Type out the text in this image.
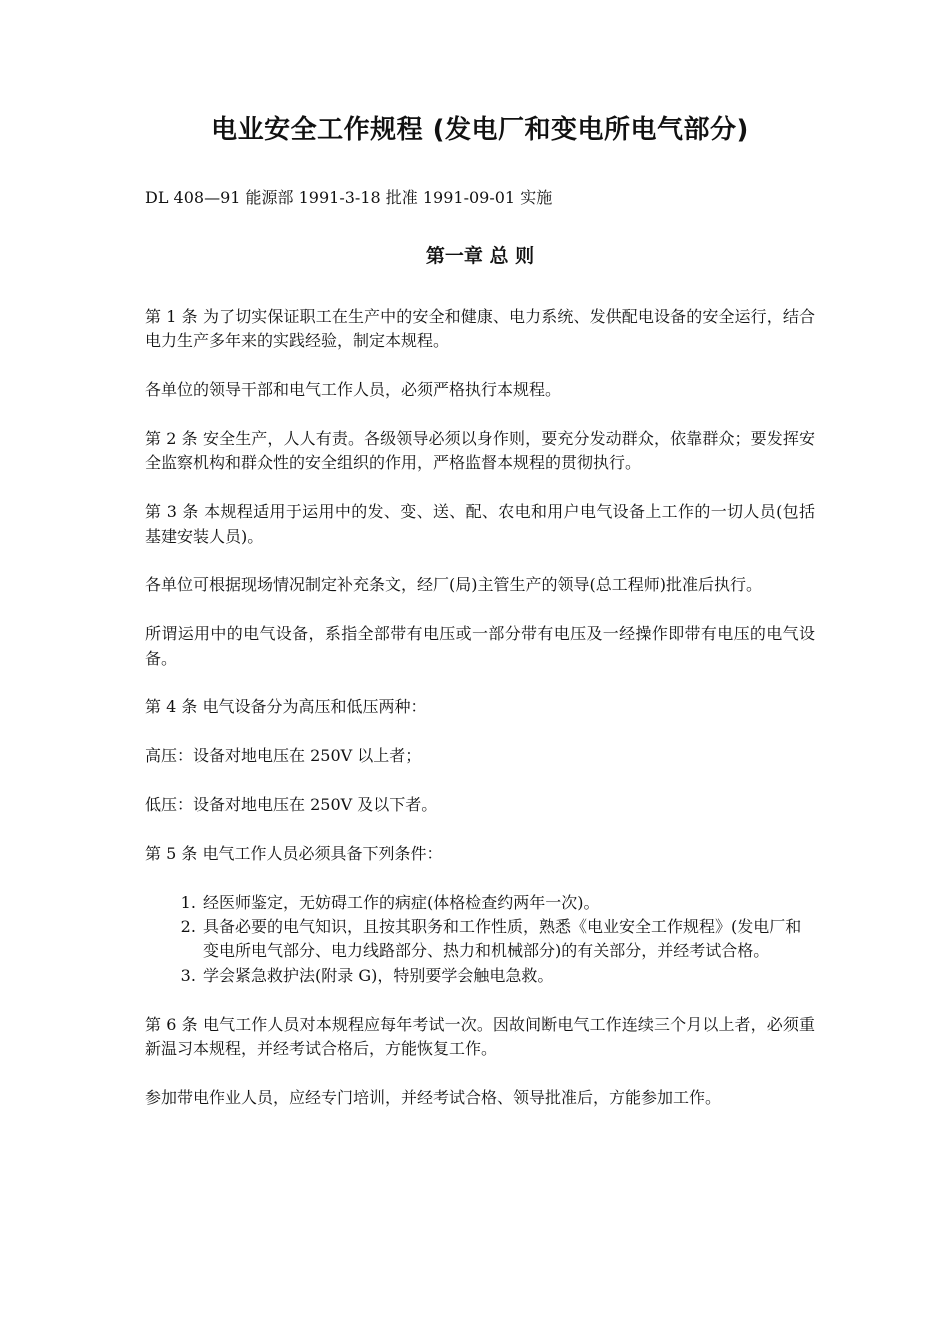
电业安全工作规程 (发电厂和变电所电气部分)

DL 408—91 能源部 1991-3-18 批准 1991-09-01 实施

第一章 总 则

第 1 条 为了切实保证职工在生产中的安全和健康、电力系统、发供配电设备的安全运行，结合电力生产多年来的实践经验，制定本规程。

各单位的领导干部和电气工作人员，必须严格执行本规程。

第 2 条 安全生产，人人有责。各级领导必须以身作则，要充分发动群众，依靠群众；要发挥安全监察机构和群众性的安全组织的作用，严格监督本规程的贯彻执行。

第 3 条 本规程适用于运用中的发、变、送、配、农电和用户电气设备上工作的一切人员(包括基建安装人员)。

各单位可根据现场情况制定补充条文，经厂(局)主管生产的领导(总工程师)批准后执行。

所谓运用中的电气设备，系指全部带有电压或一部分带有电压及一经操作即带有电压的电气设备。

第 4 条 电气设备分为高压和低压两种：

高压：设备对地电压在 250V 以上者；

低压：设备对地电压在 250V 及以下者。

第 5 条 电气工作人员必须具备下列条件：

1. 经医师鉴定，无妨碍工作的病症(体格检查约两年一次)。
2. 具备必要的电气知识，且按其职务和工作性质，熟悉《电业安全工作规程》(发电厂和变电所电气部分、电力线路部分、热力和机械部分)的有关部分，并经考试合格。
3. 学会紧急救护法(附录 G)，特别要学会触电急救。

第 6 条 电气工作人员对本规程应每年考试一次。因故间断电气工作连续三个月以上者，必须重新温习本规程，并经考试合格后，方能恢复工作。

参加带电作业人员，应经专门培训，并经考试合格、领导批准后，方能参加工作。
